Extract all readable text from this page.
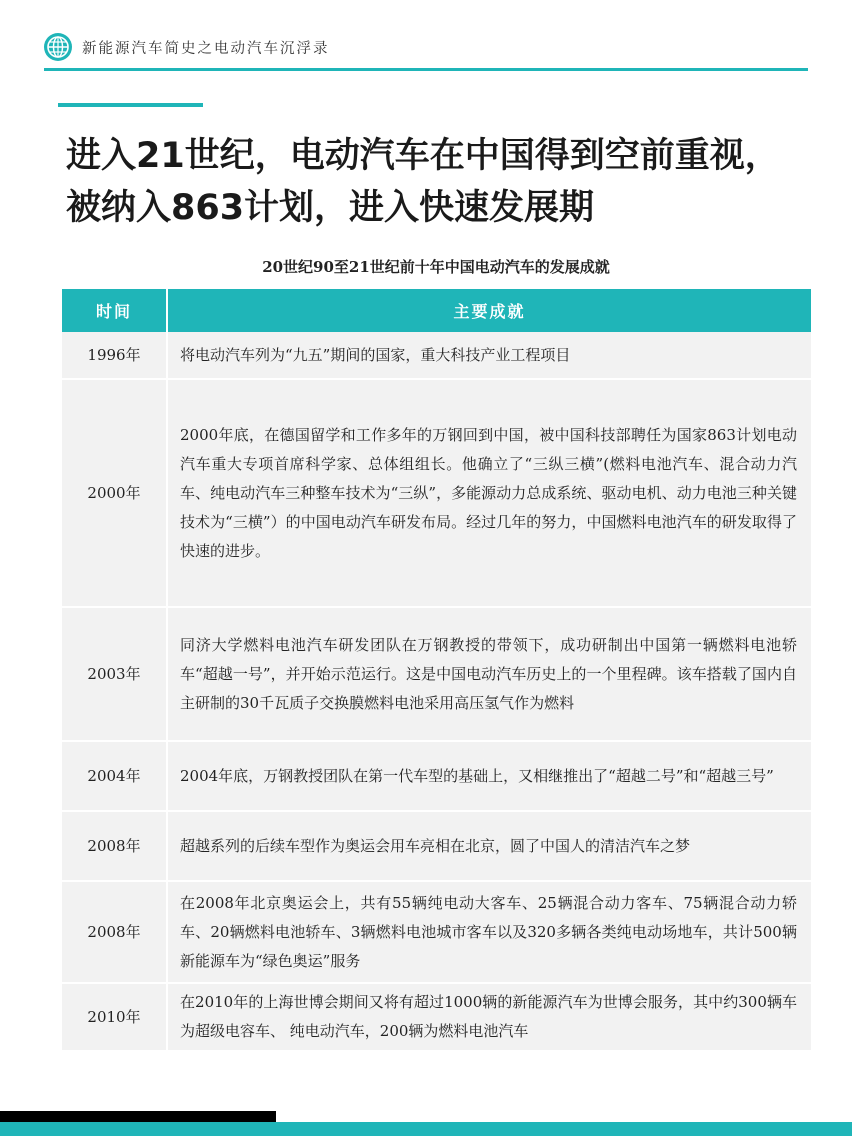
新能源汽车简史之电动汽车沉浮录
进入21世纪，电动汽车在中国得到空前重视，
被纳入863计划，进入快速发展期
20世纪90至21世纪前十年中国电动汽车的发展成就
时间	主要成就
1996年	将电动汽车列为“九五”期间的国家，重大科技产业工程项目
2000年	2000年底，在德国留学和工作多年的万钢回到中国，被中国科技部聘任为国家863计划电动汽车重大专项首席科学家、总体组组长。他确立了“三纵三横”(燃料电池汽车、混合动力汽车、纯电动汽车三种整车技术为“三纵”，多能源动力总成系统、驱动电机、动力电池三种关键技术为“三横”）的中国电动汽车研发布局。经过几年的努力，中国燃料电池汽车的研发取得了快速的进步。
2003年	同济大学燃料电池汽车研发团队在万钢教授的带领下，成功研制出中国第一辆燃料电池轿车“超越一号”，并开始示范运行。这是中国电动汽车历史上的一个里程碑。该车搭载了国内自主研制的30千瓦质子交换膜燃料电池采用高压氢气作为燃料
2004年	2004年底，万钢教授团队在第一代车型的基础上，又相继推出了“超越二号”和“超越三号”
2008年	超越系列的后续车型作为奥运会用车亮相在北京，圆了中国人的清洁汽车之梦
2008年	在2008年北京奥运会上，共有55辆纯电动大客车、25辆混合动力客车、75辆混合动力轿车、20辆燃料电池轿车、3辆燃料电池城市客车以及320多辆各类纯电动场地车，共计500辆新能源车为“绿色奥运”服务
2010年	在2010年的上海世博会期间又将有超过1000辆的新能源汽车为世博会服务，其中约300辆车为超级电容车、 纯电动汽车，200辆为燃料电池汽车
